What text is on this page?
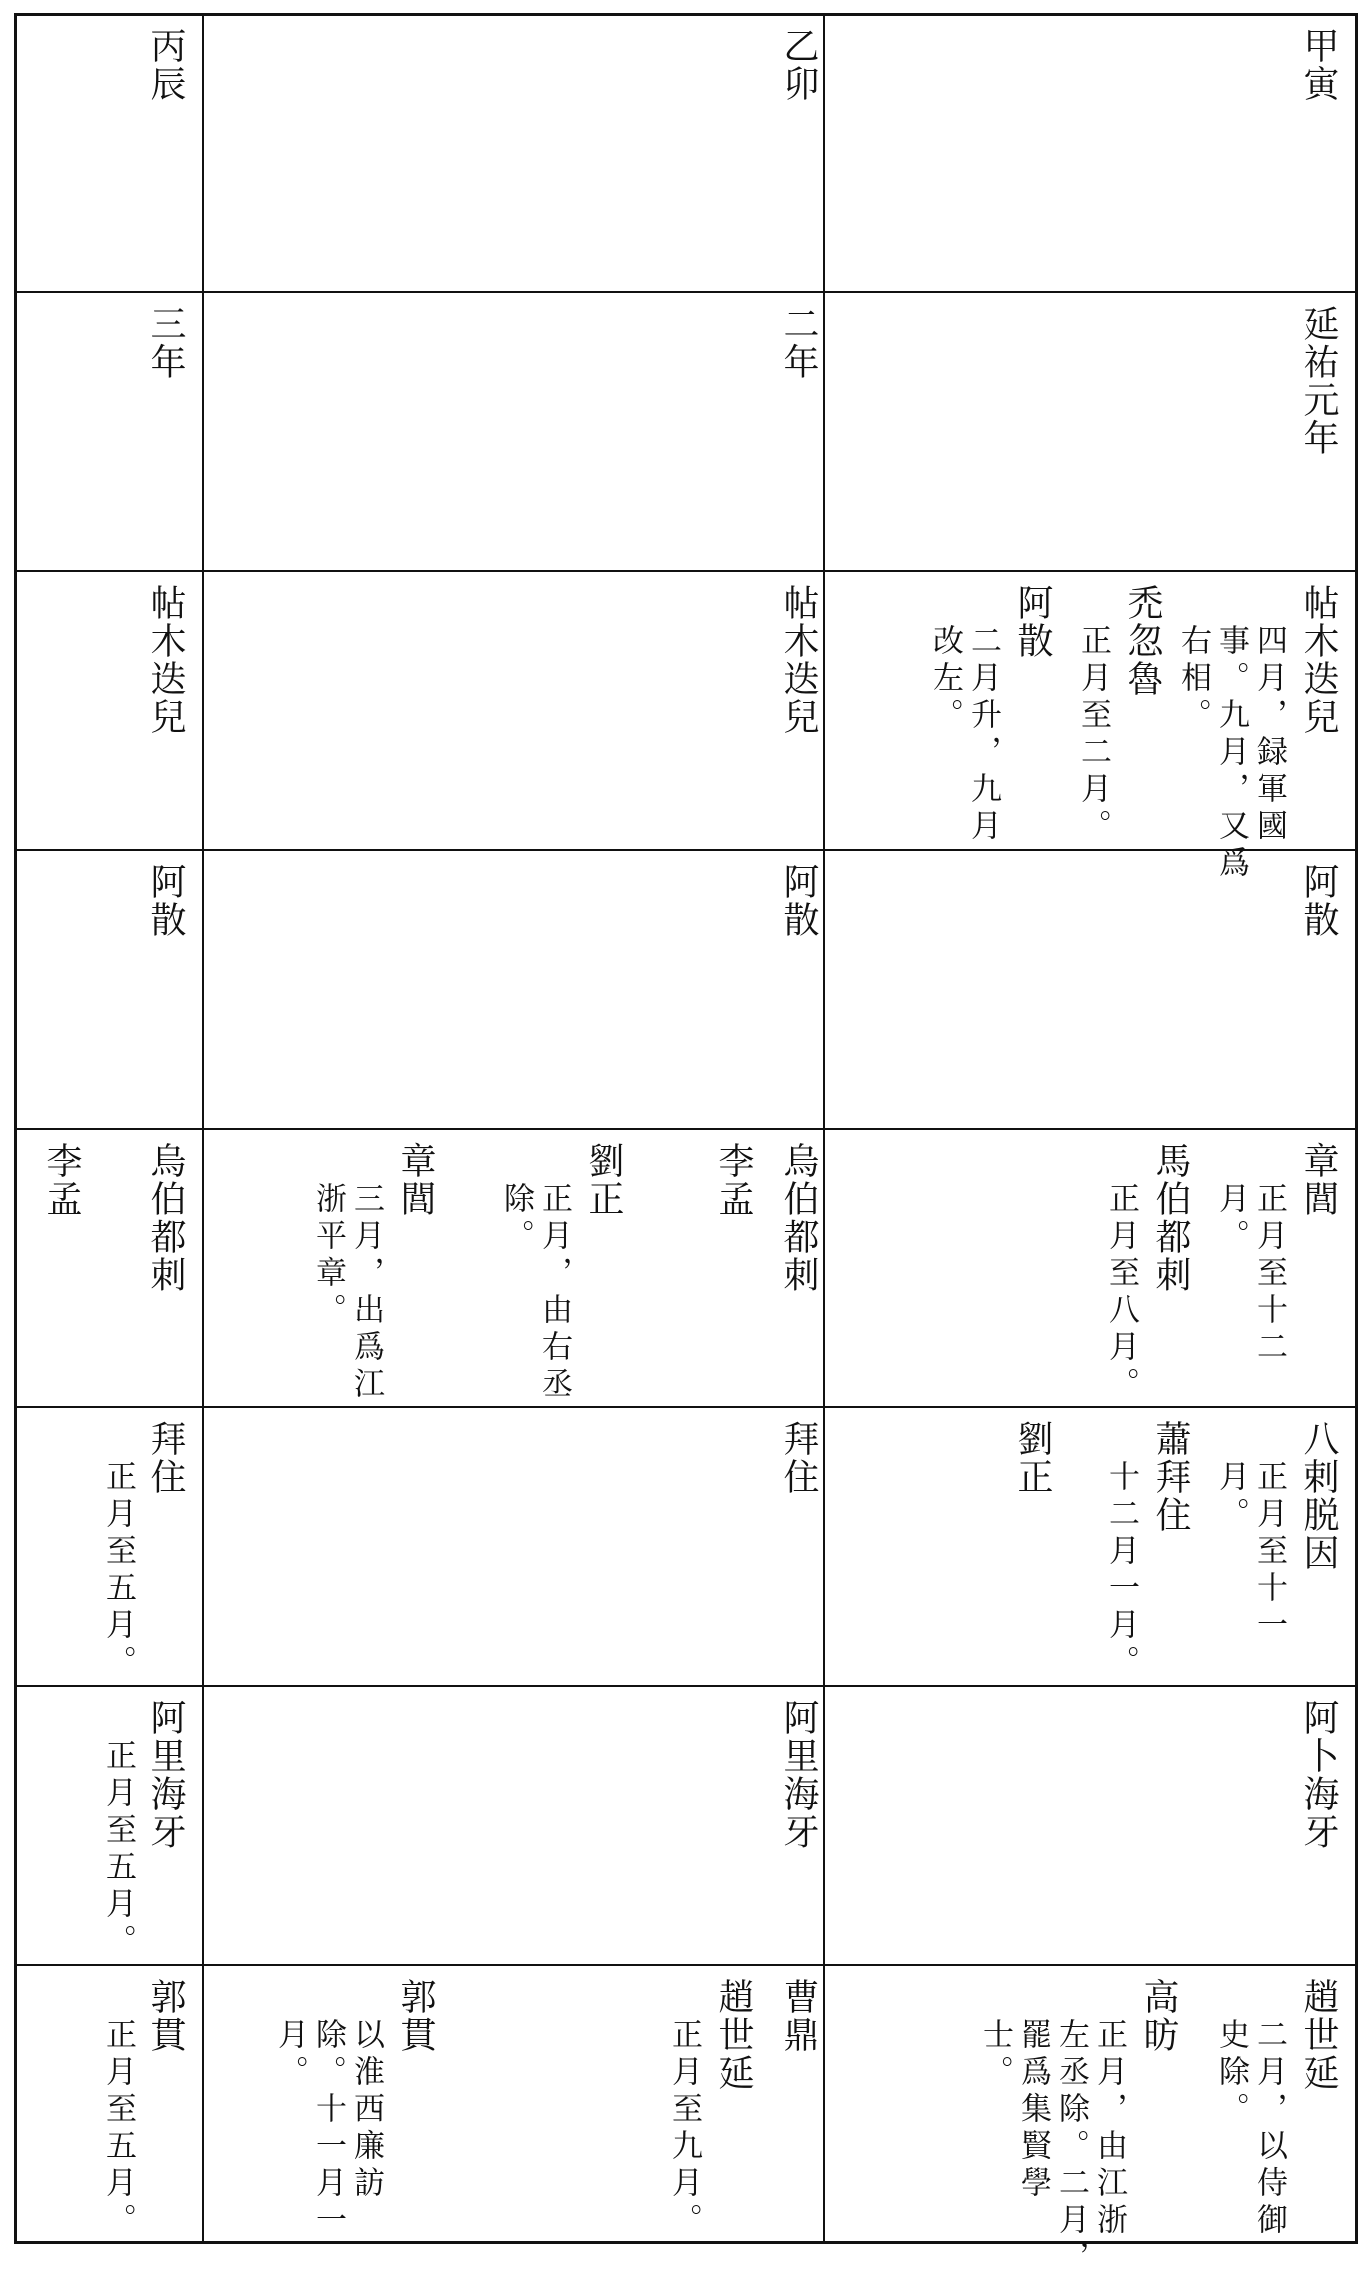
甲寅
乙卯
丙辰
延祐元年
二年
三年
帖木迭兒
四月，録軍國
事。九月，又爲
右相。
禿忽魯
正月至二月。
阿散
二月升，九月
改左。
帖木迭兒
帖木迭兒
阿散
阿散
阿散
章閭
正月至十二
月。
馬伯都刺
正月至八月。
烏伯都刺
李孟
劉正
正月，由右丞
除。
章閭
三月，出爲江
浙平章。
烏伯都刺
李孟
八剌脱因
正月至十一
月。
蕭拜住
十二月一月。
劉正
拜住
拜住
正月至五月。
阿卜海牙
阿里海牙
阿里海牙
正月至五月。
趙世延
二月，以侍御
史除。
高昉
正月，由江浙
左丞除。二月，
罷爲集賢學
士。
曹鼎
趙世延
正月至九月。
郭貫
以淮西廉訪
除。十一月一
月。
郭貫
正月至五月。
